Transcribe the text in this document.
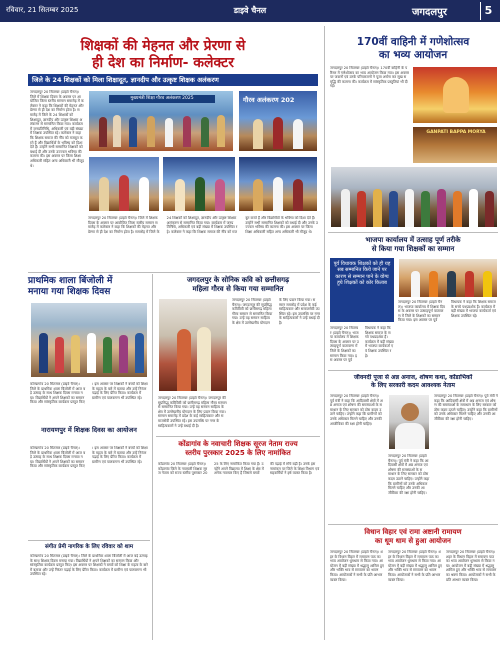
रविवार, 21 सितम्बर 2025	डाइवे चैनल	जगदलपुर	5
शिक्षकों की मेहनत और प्रेरणा से
ही देश का निर्माण- कलेक्टर
जिले के 24 शिक्षकों को मिला शिक्षादूत, ज्ञानदीप और उत्कृष्ट शिक्षक अलंकरण
जगदलपुर 20 सितम्बर (डाइवे चैनल)। जिले में शिक्षक दिवस के अवसर पर आयोजित जिला स्तरीय सम्मान समारोह में कलेक्टर ने कहा कि शिक्षकों की मेहनत और प्रेरणा से ही देश का निर्माण होता है। समारोह में जिले के 24 शिक्षकों को शिक्षादूत, ज्ञानदीप और उत्कृष्ट शिक्षक अलंकरण से सम्मानित किया गया। कार्यक्रम में जनप्रतिनिधि, अधिकारी एवं बड़ी संख्या में शिक्षक उपस्थित रहे। कलेक्टर ने कहा कि शिक्षक समाज की नींव को मजबूत करते हैं और विद्यार्थियों के भविष्य को दिशा देते हैं। उन्होंने सभी सम्मानित शिक्षकों को बधाई दी और उनके उज्ज्वल भविष्य की कामना की। इस अवसर पर जिला शिक्षा अधिकारी सहित अन्य अधिकारी भी मौजूद थे।
मुख्यमंत्री शिक्षा गौरव अलंकरण 2025	गौरव अलंकरण 202
जगदलपुर 20 सितम्बर (डाइवे चैनल)। जिले में शिक्षक दिवस के अवसर पर आयोजित जिला स्तरीय सम्मान समारोह में कलेक्टर ने कहा कि शिक्षकों की मेहनत और प्रेरणा से ही देश का निर्माण होता है। समारोह में जिले के 24 शिक्षकों को शिक्षादूत, ज्ञानदीप और उत्कृष्ट शिक्षक अलंकरण से सम्मानित किया गया। कार्यक्रम में जनप्रतिनिधि, अधिकारी एवं बड़ी संख्या में शिक्षक उपस्थित रहे। कलेक्टर ने कहा कि शिक्षक समाज की नींव को मजबूत करते हैं और विद्यार्थियों के भविष्य को दिशा देते हैं। उन्होंने सभी सम्मानित शिक्षकों को बधाई दी और उनके उज्ज्वल भविष्य की कामना की। इस अवसर पर जिला शिक्षा अधिकारी सहित अन्य अधिकारी भी मौजूद थे।
प्राथमिक शाला बिंजोली में
मनाया गया शिक्षक दिवस
कोण्डागांव 20 सितम्बर (डाइवे चैनल)। जिले के प्राथमिक शाला बिंजोली में आज बड़े उत्साह के साथ शिक्षक दिवस मनाया गया। विद्यार्थियों ने अपने शिक्षकों का सम्मान किया और सांस्कृतिक कार्यक्रम प्रस्तुत किए। इस अवसर पर शिक्षकों ने बच्चों को शिक्षा के महत्व के बारे में बताया और उन्हें निरंतर पढ़ाई के लिए प्रेरित किया। कार्यक्रम में ग्रामीण एवं पालकगण भी उपस्थित रहे।
नारायणपुर में शिक्षक दिवस का आयोजन
कोण्डागांव 20 सितम्बर (डाइवे चैनल)। जिले के प्राथमिक शाला बिंजोली में आज बड़े उत्साह के साथ शिक्षक दिवस मनाया गया। विद्यार्थियों ने अपने शिक्षकों का सम्मान किया और सांस्कृतिक कार्यक्रम प्रस्तुत किए। इस अवसर पर शिक्षकों ने बच्चों को शिक्षा के महत्व के बारे में बताया और उन्हें निरंतर पढ़ाई के लिए प्रेरित किया। कार्यक्रम में ग्रामीण एवं पालकगण भी उपस्थित रहे।
संगीत प्रेमी नागरिक के लिए रविवार को शाम
कोण्डागांव 20 सितम्बर (डाइवे चैनल)। जिले के प्राथमिक शाला बिंजोली में आज बड़े उत्साह के साथ शिक्षक दिवस मनाया गया। विद्यार्थियों ने अपने शिक्षकों का सम्मान किया और सांस्कृतिक कार्यक्रम प्रस्तुत किए। इस अवसर पर शिक्षकों ने बच्चों को शिक्षा के महत्व के बारे में बताया और उन्हें निरंतर पढ़ाई के लिए प्रेरित किया। कार्यक्रम में ग्रामीण एवं पालकगण भी उपस्थित रहे।
जगदलपुर के सोनिक कवि को छत्तीसगढ़
महिला गौरव से किया गया सम्मानित
जगदलपुर 20 सितम्बर (डाइवे चैनल)। जगदलपुर की सुप्रसिद्ध कवियित्री को छत्तीसगढ़ महिला गौरव सम्मान से सम्मानित किया गया। उन्हें यह सम्मान साहित्य के क्षेत्र में उल्लेखनीय योगदान के लिए प्रदान किया गया। सम्मान समारोह में प्रदेश के कई साहित्यकार और समाजसेवी उपस्थित रहे। इस उपलब्धि पर नगर के साहित्यकारों ने उन्हें बधाई दी है।
जगदलपुर 20 सितम्बर (डाइवे चैनल)। जगदलपुर की सुप्रसिद्ध कवियित्री को छत्तीसगढ़ महिला गौरव सम्मान से सम्मानित किया गया। उन्हें यह सम्मान साहित्य के क्षेत्र में उल्लेखनीय योगदान के लिए प्रदान किया गया। सम्मान समारोह में प्रदेश के कई साहित्यकार और समाजसेवी उपस्थित रहे। इस उपलब्धि पर नगर के साहित्यकारों ने उन्हें बधाई दी है।
कोंडागांव के नवाचारी शिक्षक सूरज नेताम राज्य
स्तरीय पुरस्कार 2025 के लिए नामांकित
कोंडागांव 20 सितम्बर (डाइवे चैनल)। कोंडागांव जिले के नवाचारी शिक्षक सूरज नेताम को राज्य स्तरीय पुरस्कार 2025 के लिए नामांकित किया गया है। उन्होंने अपने विद्यालय में शिक्षा के क्षेत्र में अनेक नवाचार किए हैं जिससे बच्चों की पढ़ाई में रुचि बढ़ी है। उनके इस नामांकन पर जिले के शिक्षा विभाग एवं सहकर्मियों ने हर्ष व्यक्त किया है।
170वीं वाहिनी में गणेशोत्सव
का भव्य आयोजन
जगदलपुर 20 सितम्बर (डाइवे चैनल)। 170वीं वाहिनी के परिसर में गणेशोत्सव का भव्य आयोजन किया गया। इस अवसर पर जवानों एवं उनके परिवारजनों ने पूजा अर्चना कर सुख समृद्धि की कामना की। कार्यक्रम में सांस्कृतिक प्रस्तुतियां भी दी गईं।
GANPATI BAPPA MORYA
भाजपा कार्यालय में उत्साह पूर्ण तरीके
से किया गया शिक्षकों का सम्मान
पूर्व विधायक शिक्षकों को ही यह सब सम्मानित किये जाने पर कारण से सम्मान पाने के योग्य हुये शिक्षकों को कोर किताब
जगदलपुर 20 सितम्बर (डाइवे चैनल)। भाजपा कार्यालय में शिक्षक दिवस के अवसर पर उत्साहपूर्ण वातावरण में जिले के शिक्षकों का सम्मान किया गया। इस अवसर पर पूर्व विधायक ने कहा कि शिक्षक समाज के सच्चे पथप्रदर्शक हैं। कार्यक्रम में बड़ी संख्या में भाजपा कार्यकर्ता एवं शिक्षक उपस्थित रहे।
जगदलपुर 20 सितम्बर (डाइवे चैनल)। भाजपा कार्यालय में शिक्षक दिवस के अवसर पर उत्साहपूर्ण वातावरण में जिले के शिक्षकों का सम्मान किया गया। इस अवसर पर पूर्व विधायक ने कहा कि शिक्षक समाज के सच्चे पथप्रदर्शक हैं। कार्यक्रम में बड़ी संख्या में भाजपा कार्यकर्ता एवं शिक्षक उपस्थित रहे।
जीवनदी पूजा से अन्न अनाज, शोषण कथा, कोंडाभिकों
के लिए सरकारी कदम आवश्यक नेताम
जगदलपुर 20 सितम्बर (डाइवे चैनल)। पूर्व मंत्री ने कहा कि आदिवासी क्षेत्रों में अन्न अनाज एवं शोषण की समस्याओं के समाधान के लिए सरकार को ठोस कदम उठाने चाहिए। उन्होंने कहा कि ग्रामीणों को उनके अधिकार मिलने चाहिए और उनकी आजीविका की रक्षा होनी चाहिए।
जगदलपुर 20 सितम्बर (डाइवे चैनल)। पूर्व मंत्री ने कहा कि आदिवासी क्षेत्रों में अन्न अनाज एवं शोषण की समस्याओं के समाधान के लिए सरकार को ठोस कदम उठाने चाहिए। उन्होंने कहा कि ग्रामीणों को उनके अधिकार मिलने चाहिए और उनकी आजीविका की रक्षा होनी चाहिए।
जगदलपुर 20 सितम्बर (डाइवे चैनल)। पूर्व मंत्री ने कहा कि आदिवासी क्षेत्रों में अन्न अनाज एवं शोषण की समस्याओं के समाधान के लिए सरकार को ठोस कदम उठाने चाहिए। उन्होंने कहा कि ग्रामीणों को उनके अधिकार मिलने चाहिए और उनकी आजीविका की रक्षा होनी चाहिए।
विधान विहार एवं रामा अष्टानी रामायण
का धूम धाम से हुआ आयोजन
जगदलपुर 20 सितम्बर (डाइवे चैनल)। शहर के विधान विहार में रामायण पाठ का भव्य आयोजन धूमधाम से किया गया। आयोजन में बड़ी संख्या में श्रद्धालु शामिल हुए और भक्ति भाव से रामायण का श्रवण किया। आयोजकों ने सभी के प्रति आभार व्यक्त किया।
जगदलपुर 20 सितम्बर (डाइवे चैनल)। शहर के विधान विहार में रामायण पाठ का भव्य आयोजन धूमधाम से किया गया। आयोजन में बड़ी संख्या में श्रद्धालु शामिल हुए और भक्ति भाव से रामायण का श्रवण किया। आयोजकों ने सभी के प्रति आभार व्यक्त किया।
जगदलपुर 20 सितम्बर (डाइवे चैनल)। शहर के विधान विहार में रामायण पाठ का भव्य आयोजन धूमधाम से किया गया। आयोजन में बड़ी संख्या में श्रद्धालु शामिल हुए और भक्ति भाव से रामायण का श्रवण किया। आयोजकों ने सभी के प्रति आभार व्यक्त किया।
